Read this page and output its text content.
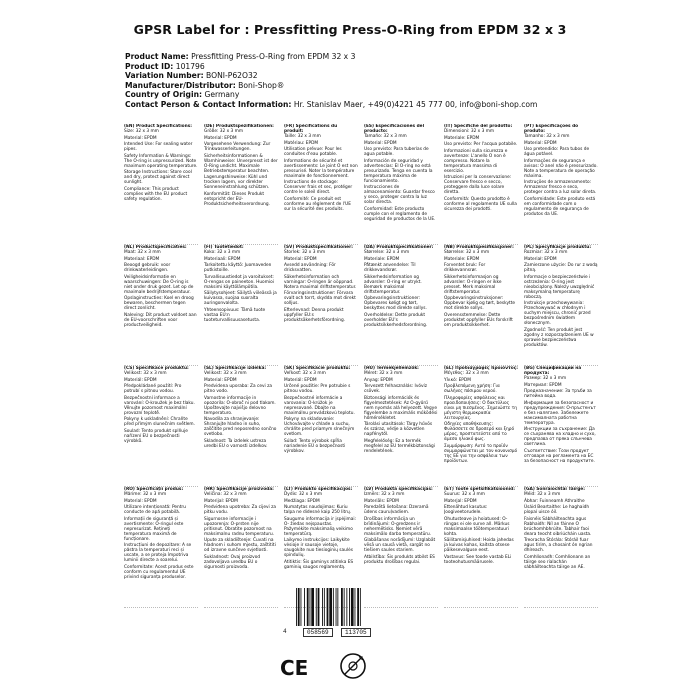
GPSR Label for : Pressfitting Press-O-Ring from EPDM 32 x 3
Product Name: Pressfitting Press-O-Ring from EPDM 32 x 3
Product ID: 101796
Variation Number: BONI-P62O32
Manufacturer/Distributor: Boni-Shop®
Country of Origin: Germany
Contact Person & Contact Information: Hr. Stanislav Maer, +49(0)4221 45 777 00, info@boni-shop.com
(EN) Product Specifications:

Size: 32 x 3 mm

Material: EPDM

Intended Use: For sealing water pipes.

Safety Information & Warnings: The O-ring is unpressurized. Note maximum operating temperature.

Storage Instructions: Store cool and dry, protect against direct sunlight.

Compliance: This product complies with the EU product safety regulation.

(DE) Produktspezifikationen:

Größe: 32 x 3 mm

Material: EPDM

Vorgesehene Verwendung: Zur Trinkwasserleitungen.

Sicherheitsinformationen & Warnhinweise: Unverpresst ist der O-Ring undicht. Maximale Betriebstemperatur beachten.

Lagerungshinweise: Kühl und trocken lagern, vor direkter Sonneneinstrahlung schützen.

Konformität: Dieses Produkt entspricht der EU-Produktsicherheitsverordnung.

(FR) Spécifications du produit:

Taille: 32 x 3 mm

Matériau: EPDM

Utilisation prévue: Pour les conduites d'eau potable.

Informations de sécurité et avertissements: Le joint O est non pressurisé. Noter la température maximale de fonctionnement.

Instructions de stockage: Conserver frais et sec, protéger contre le soleil direct.

Conformité: Ce produit est conforme au règlement de l'UE sur la sécurité des produits.

(ES) Especificaciones del producto:

Tamaño: 32 x 3 mm

Material: EPDM

Uso previsto: Para tuberías de agua potable.

Información de seguridad y advertencias: El O-ring no está presurizado. Tenga en cuenta la temperatura máxima de funcionamiento.

Instrucciones de almacenamiento: Guardar fresco y seco, proteger contra la luz solar directa.

Conformidad: Este producto cumple con el reglamento de seguridad de productos de la UE.

(IT) Specifiche del prodotto:

Dimensioni: 32 x 3 mm

Materiale: EPDM

Uso previsto: Per l'acqua potabile.

Informazioni sulla sicurezza e avvertenze: L'anello O non è compresso. Notare la temperatura massima di esercizio.

Istruzioni per la conservazione: Conservare fresco e secco, proteggere dalla luce solare diretta.

Conformità: Questo prodotto è conforme al regolamento UE sulla sicurezza dei prodotti.

(PT) Especificações do produto:

Tamanho: 32 x 3 mm

Material: EPDM

Uso pretendido: Para tubos de água potável.

Informações de segurança e avisos: O anel não é pressurizado. Note a temperatura de operação máxima.

Instruções de armazenamento: Armazenar fresco e seco, proteger contra a luz solar direta.

Conformidade: Este produto está em conformidade com o regulamento de segurança de produtos da UE.

(NL) Productspecificaties:

Maat: 32 x 3 mm

Materiaal: EPDM

Beoogd gebruik: voor drinkwaterleidingen.

Veiligheidsinformatie en waarschuwingen: De O-ring is niet onder druk gezet. Let op de maximale bedrijfstemperatuur.

Opslaginstructies: Koel en droog bewaren, beschermen tegen direct zonlicht.

Naleving: Dit product voldoet aan de EU-voorschriften voor productveiligheid.

(FI) Tuotetiedot:

Koko: 32 x 3 mm

Materiaali: EPDM

Tarkoitettu käyttö: Juomaveden putkistoille.

Turvallisuustiedot ja varoitukset: O-rengas on paineeton. Huomioi maksimi käyttölämpötila.

Säilytysohjeet: Säilytä viileässä ja kuivassa, suojaa suoralta auringonvalolta.

Yhteensopivuus: Tämä tuote vastaa EU:n tuoteturvallisuusasetusta.

(SV) Produktspecifikationer:

Storlek: 32 x 3 mm

Material: EPDM

Avsedd användning: För dricksvatten.

Säkerhetsinformation och varningar: O-ringen är oöppnad. Notera maximal driftstemperatur.

Förvaringsinstruktioner: Förvara svalt och torrt, skydda mot direkt solljus.

Efterlevnad: Denna produkt uppfyller EU:s produktsäkerhetsförordning.

(DA) Produktspecifikationer:

Størrelse: 32 x 3 mm

Materiale: EPDM

Påtænkt anvendelse: Til drikkevandsrør.

Sikkerhedsinformation og advarsler: O-ring er utrykt. Bemærk maksimal driftstemperatur.

Opbevaringsinstruktioner: Opbevares køligt og tørt, beskyttes mod direkte sollys.

Overholdelse: Dette produkt overholder EU's produktsikkerhedsforordning.

(NB) Produktspesifikasjoner:

Størrelse: 32 x 3 mm

Materiale: EPDM

Forventet bruk: For drikkevannsrør.

Sikkerhetsinformasjon og advarsler: O-ringen er ikke presset. Merk maksimal driftstemperatur.

Oppbevaringsinstruksjoner: Oppbevar kjølig og tørt, beskytte mot direkte sollys.

Overensstemmelse: Dette produktet oppfyller EUs forskrift om produktsikkerhet.

(PL) Specyfikacje produktu:

Rozmiar: 32 x 3 mm

Materiał: EPDM

Zamierzone użycie: Do rur z wodą pitną.

Informacje o bezpieczeństwie i ostrzeżenia: O-ring jest nieobciążony. Należy uwzględnić maksymalną temperaturę roboczą.

Instrukcje przechowywania: Przechowywać w chłodnym i suchym miejscu, chronić przed bezpośrednim światłem słonecznym.

Zgodność: Ten produkt jest zgodny z rozporządzeniem UE w sprawie bezpieczeństwa produktów.

(CS) Specifikace produktu:

Velikost: 32 x 3 mm

Materiál: EPDM

Předpokládané použití: Pro potrubí s pitnou vodou.

Bezpečnostní informace a varování: O-kroužek je bez tlaku. Věnujte pozornost maximální provozní teplotě.

Pokyny k uskladnění: Chraňte před přímým slunečním světlem.

Soulad: Tento produkt splňuje nařízení EU o bezpečnosti výrobků.

(SL) Specifikacije izdelka:

Velikost: 32 x 3 mm

Material: EPDM

Predvidena uporaba: Za cevi za pitno vodo.

Varnostne informacije in opozorila: O-obroč ni pod tlakom. Upoštevajte najvišjo delovno temperaturo.

Navodila za shranjevanje: Shranjujte hladno in suho, zaščitite pred neposredno sončno svetlobo.

Skladnost: Ta izdelek ustreza uredbi EU o varnosti izdelkov.

(SK) Špecifikácie produktu:

Veľkosť: 32 x 3 mm

Materiál: EPDM

Určené použitie: Pre potrubie s pitnou vodou.

Bezpečnostné informácie a varovania: O-krúžok je nepresované. Dbajte na maximálnu prevádzkovú teplotu.

Pokyny na skladovanie: Uchovávajte v chlade a suchu, chráňte pred priamym slnečným svetlom.

Súlad: Tento výrobok spĺňa nariadenie EÚ o bezpečnosti výrobkov.

(HU) Termékjellemzők:

Méret: 32 x 3 mm

Anyag: EPDM

Tervezett felhasználás: Ivóvíz csövek.

Biztonsági információk és figyelmeztetések: Az O-gyűrű nem nyomás alá helyezett. Vegye figyelembe a maximális működési hőmérsékletet.

Tárolási utasítások: Tárgy hűvös és száraz, védje a közvetlen napfénytől.

Megfelelőség: Ez a termék megfelel az EU termékbiztonsági rendeletének.

(EL) Προδιαγραφές προϊόντος:

Μέγεθος: 32 x 3 mm

Υλικό: EPDM

Προβλεπόμενη χρήση: Για σωλήνες πόσιμου νερού.

Πληροφορίες ασφάλειας και προειδοποιήσεις: Ο δακτύλιος είναι μη πιεσμένος. Σημειώστε τη μέγιστη θερμοκρασία λειτουργίας.

Οδηγίες αποθήκευσης: Φυλάσσετε σε δροσερό και ξηρό μέρος, προστατεύστε από το άμεσο ηλιακό φως.

Συμμόρφωση: Αυτό το προϊόν συμμορφώνεται με τον κανονισμό της ΕΕ για την ασφάλεια των προϊόντων.

(BG) Спецификации на продукта:

Размер: 32 x 3 mm

Материал: EPDM

Предназначение: За тръби за питейна вода.

Информация за безопасност и предупреждения: О-пръстенът е без налягане. Забележете максималната работна температура.

Инструкции за съхранение: Да се съхранява на хладно и сухо, предпазва от пряка слънчева светлина.

Съответствие: Този продукт отговаря на регламента на ЕС за безопасност на продуктите.

(RO) Specificații produs:

Mărime: 32 x 3 mm

Material: EPDM

Utilizare intenționată: Pentru conducte de apă potabilă.

Informații de siguranță și avertismente: O-ringul este nepresurizat. Rețineți temperatura maximă de funcționare.

Instrucțiuni de depozitare: A se păstra la temperaturi reci și uscate, a se proteja împotriva luminii directe a soarelui.

Conformitate: Acest produs este conform cu regulamentul UE privind siguranța produselor.

(HR) Specifikacije proizvoda:

Veličina: 32 x 3 mm

Materijal: EPDM

Predviđena upotreba: Za cijevi za pitku vodu.

Sigurnosne informacije i upozorenja: O-prsten nije pritisnut. Obratite pozornost na maksimalnu radnu temperaturu.

Upute za skladištenje: Čuvati na hladnom i suhom mjestu, zaštititi od izravne sunčeve svjetlosti.

Sukladnost: Ovaj proizvod zadovoljava uredbu EU o sigurnosti proizvoda.

(LT) Produkto specifikacijos:

Dydis: 32 x 3 mm

Medžiaga: EPDM

Numatytas naudojimas: Kuriu talpa ne didesnė kaip 250 litrų.

Saugumo informacija ir įspėjimai: O- žiedas neįspaustas. Pažymėkite maksimalią veikimo temperatūrą.

Laikymo instrukcijos: Laikykite vėsioje ir sausoje vietoje, saugokite nuo tiesioginių saulės spindulių.

Atitiktis: Šis gaminys atitinka ES gaminių saugos reglamentą.

(LV) Produkta specifikācijas:

Izmērs: 32 x 3 mm

Materiāls: EPDM

Paredzētā lietošana: Dzeramā ūdens cauruļvadiem.

Drošības informācija un brīdinājumi: O-gredzens ir nehermētisks. Ņemiet vērā maksimālo darba temperatūru.

Glabāšanas norādījumi: Uzglabāt vēsā un sausā vietā, sargāt no tiešiem saules stariem.

Atbilstība: Šis produkts atbilst ES produktu drošības regulai.

(ET) Toote spetsifikatsioonid:

Suurus: 32 x 3 mm

Materjal: EPDM

Ettenähtud kasutus: Joogiveetorudele.

Ohutusteave ja hoiatused: O-rõngas ei ole surve all. Märkus maksimaalse töötemperatuuri kohta.

Säilitamisjuhised: Hoida jahedas ja kuivas kohas, kaitsta otsese päikesevalguse eest.

Vastavus: See toode vastab ELi tooteohutusmäärusele.

(GA) Sonraíochtaí Táirge:

Méid: 32 x 3 mm

Ábhar: Fuinneamh Athraithe

Úsáid Beartaithe: Le haghaidh píopaí uisce óil.

Faisnéis Sábháilteachta agus Rabhaidh: Níl an fáinne O brúchomhbhrúite. Tabhair faoi deara teocht oibriúcháin uasta.

Treoracha Stórála: Stóráil fuar agus tirim, a chosaint ón ngrian dhíreach.

Comhlíonadh: Comhlíonann an táirge seo rialachán sábháilteachta táirge an AE.

4	058569	113705
CE
